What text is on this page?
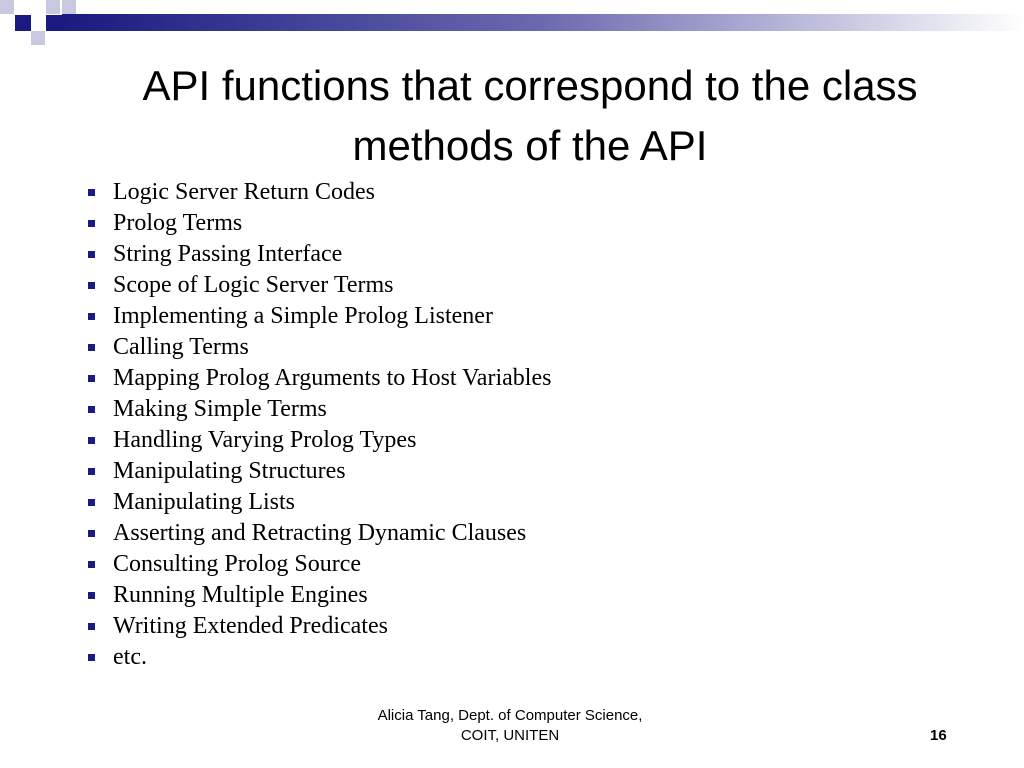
API functions that correspond to the class methods of the API
Logic Server Return Codes
Prolog Terms
String Passing Interface
Scope of Logic Server Terms
Implementing a Simple Prolog Listener
Calling Terms
Mapping Prolog Arguments to Host Variables
Making Simple Terms
Handling Varying Prolog Types
Manipulating Structures
Manipulating Lists
Asserting and Retracting Dynamic Clauses
Consulting Prolog Source
Running Multiple Engines
Writing Extended Predicates
etc.
Alicia Tang, Dept. of Computer Science,
COIT, UNITEN	16
